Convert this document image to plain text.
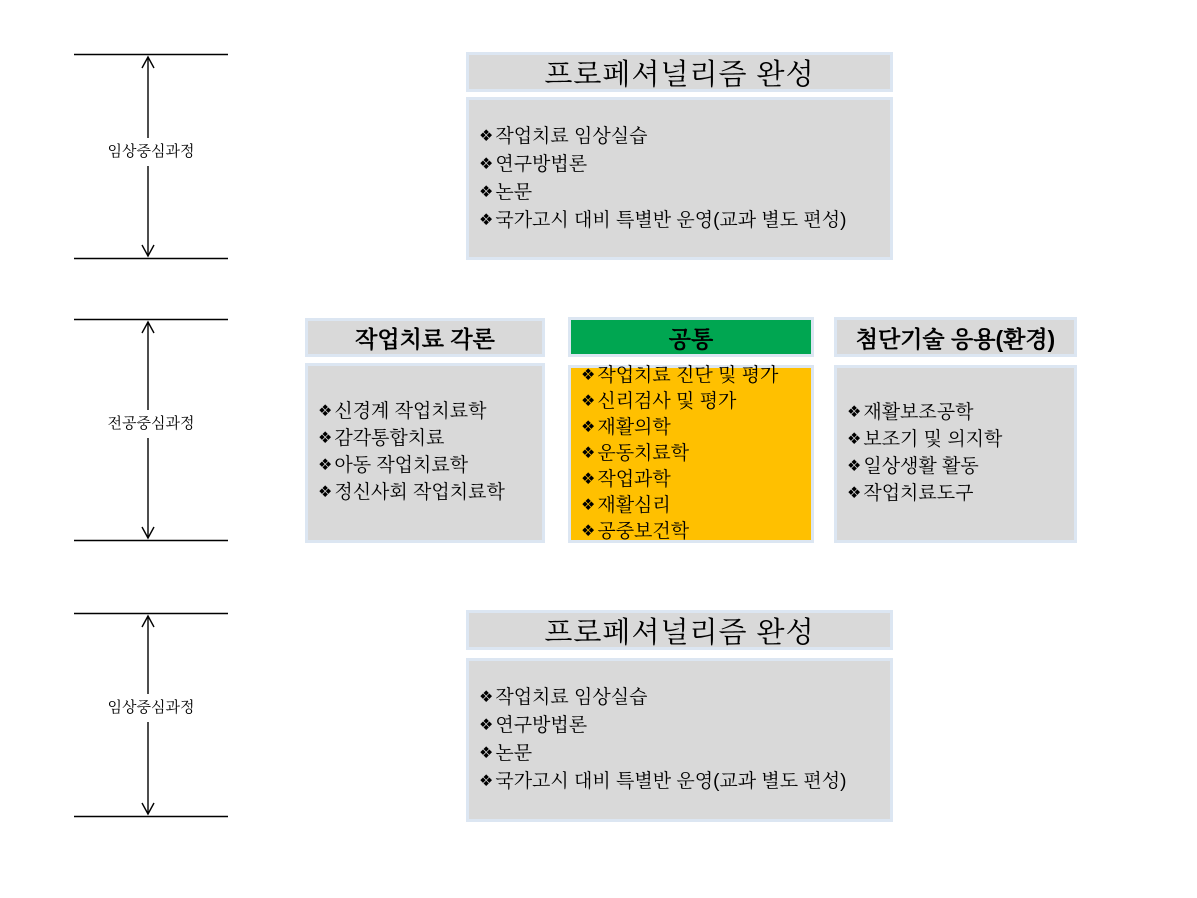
임상중심과정
전공중심과정
임상중심과정
프로페셔널리즘 완성
❖ 작업치료 임상실습
❖ 연구방법론
❖ 논문
❖ 국가고시 대비 특별반 운영(교과 별도 편성)
작업치료 각론
❖ 신경계 작업치료학
❖ 감각통합치료
❖ 아동 작업치료학
❖ 정신사회 작업치료학
공통
❖ 작업치료 진단 및 평가
❖ 신리검사 및 평가
❖ 재활의학
❖ 운동치료학
❖ 작업과학
❖ 재활심리
❖ 공중보건학
첨단기술 응용(환경)
❖ 재활보조공학
❖ 보조기 및 의지학
❖ 일상생활 활동
❖ 작업치료도구
프로페셔널리즘 완성
❖ 작업치료 임상실습
❖ 연구방법론
❖ 논문
❖ 국가고시 대비 특별반 운영(교과 별도 편성)
